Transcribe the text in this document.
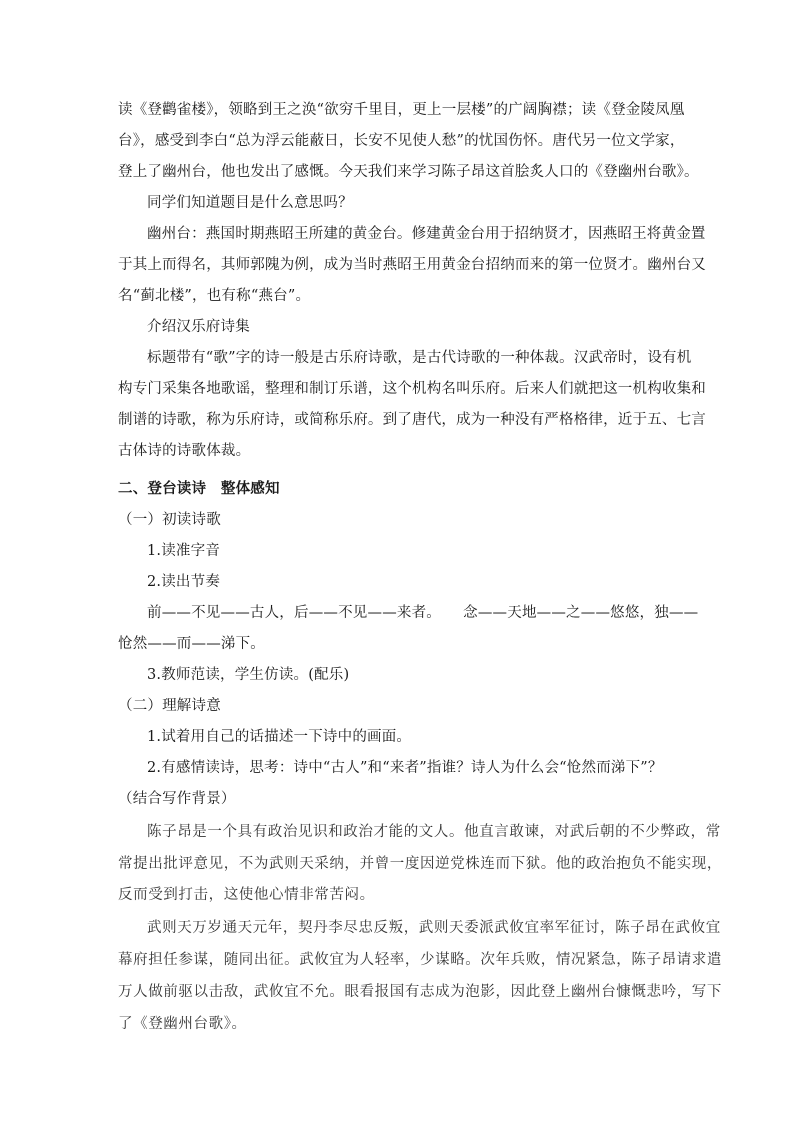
读《登鹳雀楼》，领略到王之涣“欲穷千里目，更上一层楼”的广阔胸襟；读《登金陵凤凰
台》，感受到李白“总为浮云能蔽日，长安不见使人愁”的忧国伤怀。唐代另一位文学家，
登上了幽州台，他也发出了感慨。今天我们来学习陈子昂这首脍炙人口的《登幽州台歌》。
同学们知道题目是什么意思吗？
幽州台：燕国时期燕昭王所建的黄金台。修建黄金台用于招纳贤才，因燕昭王将黄金置
于其上而得名，其师郭隗为例，成为当时燕昭王用黄金台招纳而来的第一位贤才。幽州台又
名“蓟北楼”，也有称“燕台”。
介绍汉乐府诗集
标题带有“歌”字的诗一般是古乐府诗歌，是古代诗歌的一种体裁。汉武帝时，设有机
构专门采集各地歌谣，整理和制订乐谱，这个机构名叫乐府。后来人们就把这一机构收集和
制谱的诗歌，称为乐府诗，或简称乐府。到了唐代，成为一种没有严格格律，近于五、七言
古体诗的诗歌体裁。
二、登台读诗　整体感知
（一）初读诗歌
1.读准字音
2.读出节奏
前——不见——古人，后——不见——来者。　　念——天地——之——悠悠，独——
怆然——而——涕下。
3.教师范读，学生仿读。(配乐)
（二）理解诗意
1.试着用自己的话描述一下诗中的画面。
2.有感情读诗，思考：诗中“古人”和“来者”指谁？诗人为什么会“怆然而涕下”？
（结合写作背景）
陈子昂是一个具有政治见识和政治才能的文人。他直言敢谏，对武后朝的不少弊政，常
常提出批评意见，不为武则天采纳，并曾一度因逆党株连而下狱。他的政治抱负不能实现，
反而受到打击，这使他心情非常苦闷。
武则天万岁通天元年，契丹李尽忠反叛，武则天委派武攸宜率军征讨，陈子昂在武攸宜
幕府担任参谋，随同出征。武攸宜为人轻率，少谋略。次年兵败，情况紧急，陈子昂请求遣
万人做前驱以击敌，武攸宜不允。眼看报国有志成为泡影，因此登上幽州台慷慨悲吟，写下
了《登幽州台歌》。
